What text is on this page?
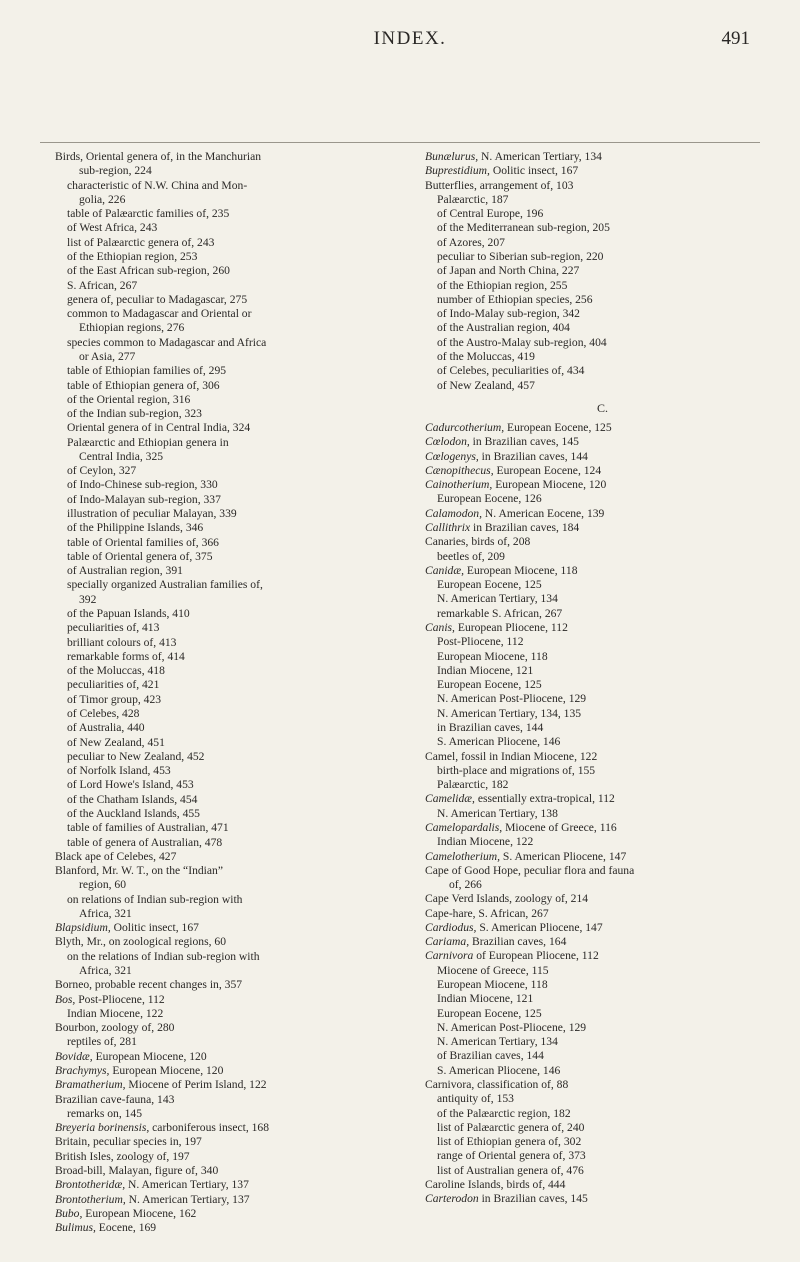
INDEX.	491
Birds, Oriental genera of, in the Manchurian
sub-region, 224
characteristic of N.W. China and Mon-
golia, 226
table of Palæarctic families of, 235
of West Africa, 243
list of Palæarctic genera of, 243
of the Ethiopian region, 253
of the East African sub-region, 260
S. African, 267
genera of, peculiar to Madagascar, 275
common to Madagascar and Oriental or
Ethiopian regions, 276
species common to Madagascar and Africa
or Asia, 277
table of Ethiopian families of, 295
table of Ethiopian genera of, 306
of the Oriental region, 316
of the Indian sub-region, 323
Oriental genera of in Central India, 324
Palæarctic and Ethiopian genera in
Central India, 325
of Ceylon, 327
of Indo-Chinese sub-region, 330
of Indo-Malayan sub-region, 337
illustration of peculiar Malayan, 339
of the Philippine Islands, 346
table of Oriental families of, 366
table of Oriental genera of, 375
of Australian region, 391
specially organized Australian families of,
392
of the Papuan Islands, 410
peculiarities of, 413
brilliant colours of, 413
remarkable forms of, 414
of the Moluccas, 418
peculiarities of, 421
of Timor group, 423
of Celebes, 428
of Australia, 440
of New Zealand, 451
peculiar to New Zealand, 452
of Norfolk Island, 453
of Lord Howe's Island, 453
of the Chatham Islands, 454
of the Auckland Islands, 455
table of families of Australian, 471
table of genera of Australian, 478
Black ape of Celebes, 427
Blanford, Mr. W. T., on the “Indian”
region, 60
on relations of Indian sub-region with
Africa, 321
Blapsidium, Oolitic insect, 167
Blyth, Mr., on zoological regions, 60
on the relations of Indian sub-region with
Africa, 321
Borneo, probable recent changes in, 357
Bos, Post-Pliocene, 112
Indian Miocene, 122
Bourbon, zoology of, 280
reptiles of, 281
Bovidæ, European Miocene, 120
Brachymys, European Miocene, 120
Bramatherium, Miocene of Perim Island, 122
Brazilian cave-fauna, 143
remarks on, 145
Breyeria borinensis, carboniferous insect, 168
Britain, peculiar species in, 197
British Isles, zoology of, 197
Broad-bill, Malayan, figure of, 340
Brontotheridæ, N. American Tertiary, 137
Brontotherium, N. American Tertiary, 137
Bubo, European Miocene, 162
Bulimus, Eocene, 169
Bunælurus, N. American Tertiary, 134
Buprestidium, Oolitic insect, 167
Butterflies, arrangement of, 103
Palæarctic, 187
of Central Europe, 196
of the Mediterranean sub-region, 205
of Azores, 207
peculiar to Siberian sub-region, 220
of Japan and North China, 227
of the Ethiopian region, 255
number of Ethiopian species, 256
of Indo-Malay sub-region, 342
of the Australian region, 404
of the Austro-Malay sub-region, 404
of the Moluccas, 419
of Celebes, peculiarities of, 434
of New Zealand, 457
C.
Cadurcotherium, European Eocene, 125
Cœlodon, in Brazilian caves, 145
Cœlogenys, in Brazilian caves, 144
Cænopithecus, European Eocene, 124
Cainotherium, European Miocene, 120
European Eocene, 126
Calamodon, N. American Eocene, 139
Callithrix in Brazilian caves, 184
Canaries, birds of, 208
beetles of, 209
Canidæ, European Miocene, 118
European Eocene, 125
N. American Tertiary, 134
remarkable S. African, 267
Canis, European Pliocene, 112
Post-Pliocene, 112
European Miocene, 118
Indian Miocene, 121
European Eocene, 125
N. American Post-Pliocene, 129
N. American Tertiary, 134, 135
in Brazilian caves, 144
S. American Pliocene, 146
Camel, fossil in Indian Miocene, 122
birth-place and migrations of, 155
Palæarctic, 182
Camelidæ, essentially extra-tropical, 112
N. American Tertiary, 138
Camelopardalis, Miocene of Greece, 116
Indian Miocene, 122
Camelotherium, S. American Pliocene, 147
Cape of Good Hope, peculiar flora and fauna
of, 266
Cape Verd Islands, zoology of, 214
Cape-hare, S. African, 267
Cardiodus, S. American Pliocene, 147
Cariama, Brazilian caves, 164
Carnivora of European Pliocene, 112
Miocene of Greece, 115
European Miocene, 118
Indian Miocene, 121
European Eocene, 125
N. American Post-Pliocene, 129
N. American Tertiary, 134
of Brazilian caves, 144
S. American Pliocene, 146
Carnivora, classification of, 88
antiquity of, 153
of the Palæarctic region, 182
list of Palæarctic genera of, 240
list of Ethiopian genera of, 302
range of Oriental genera of, 373
list of Australian genera of, 476
Caroline Islands, birds of, 444
Carterodon in Brazilian caves, 145
